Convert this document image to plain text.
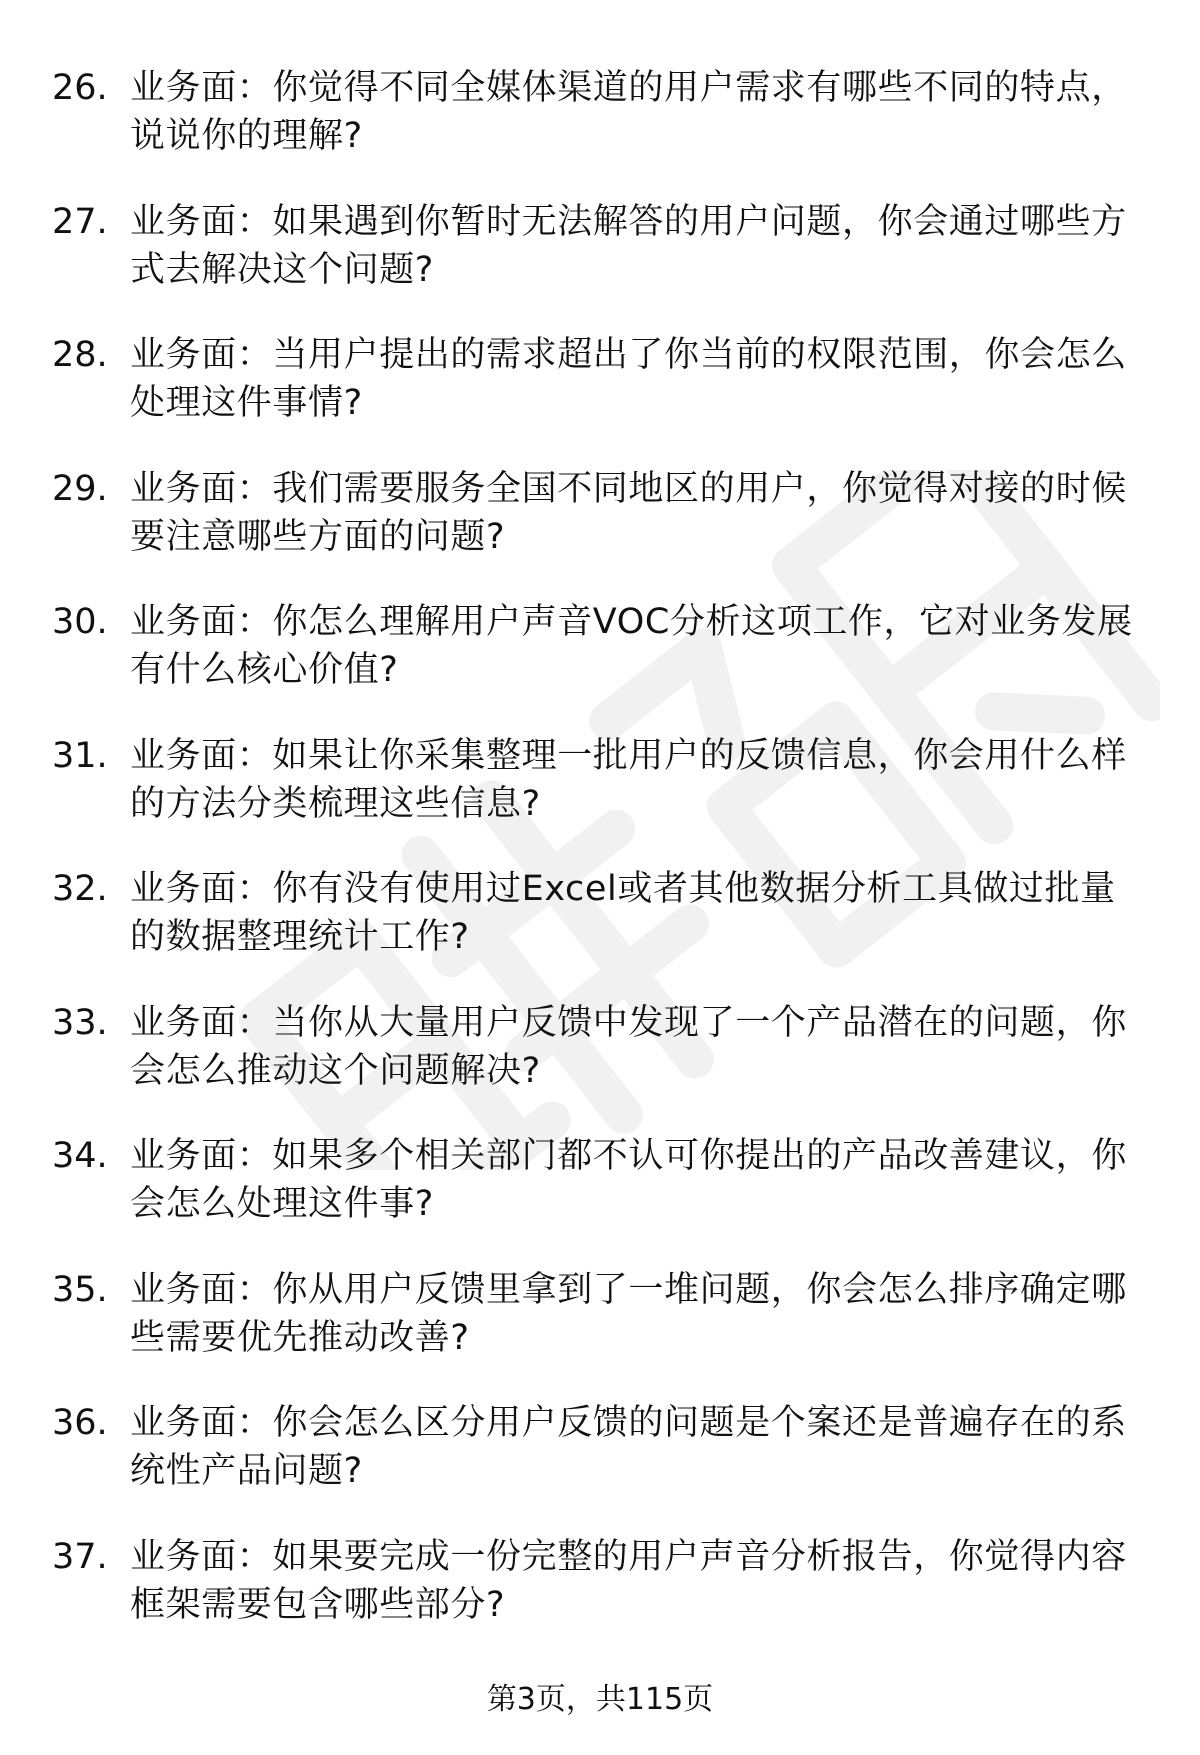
26. 业务面：你觉得不同全媒体渠道的用户需求有哪些不同的特点，说说你的理解?
27. 业务面：如果遇到你暂时无法解答的用户问题，你会通过哪些方式去解决这个问题?
28. 业务面：当用户提出的需求超出了你当前的权限范围，你会怎么处理这件事情?
29. 业务面：我们需要服务全国不同地区的用户，你觉得对接的时候要注意哪些方面的问题?
30. 业务面：你怎么理解用户声音VOC分析这项工作，它对业务发展有什么核心价值?
31. 业务面：如果让你采集整理一批用户的反馈信息，你会用什么样的方法分类梳理这些信息?
32. 业务面：你有没有使用过Excel或者其他数据分析工具做过批量的数据整理统计工作?
33. 业务面：当你从大量用户反馈中发现了一个产品潜在的问题，你会怎么推动这个问题解决?
34. 业务面：如果多个相关部门都不认可你提出的产品改善建议，你会怎么处理这件事?
35. 业务面：你从用户反馈里拿到了一堆问题，你会怎么排序确定哪些需要优先推动改善?
36. 业务面：你会怎么区分用户反馈的问题是个案还是普遍存在的系统性产品问题?
37. 业务面：如果要完成一份完整的用户声音分析报告，你觉得内容框架需要包含哪些部分?
第3页，共115页
